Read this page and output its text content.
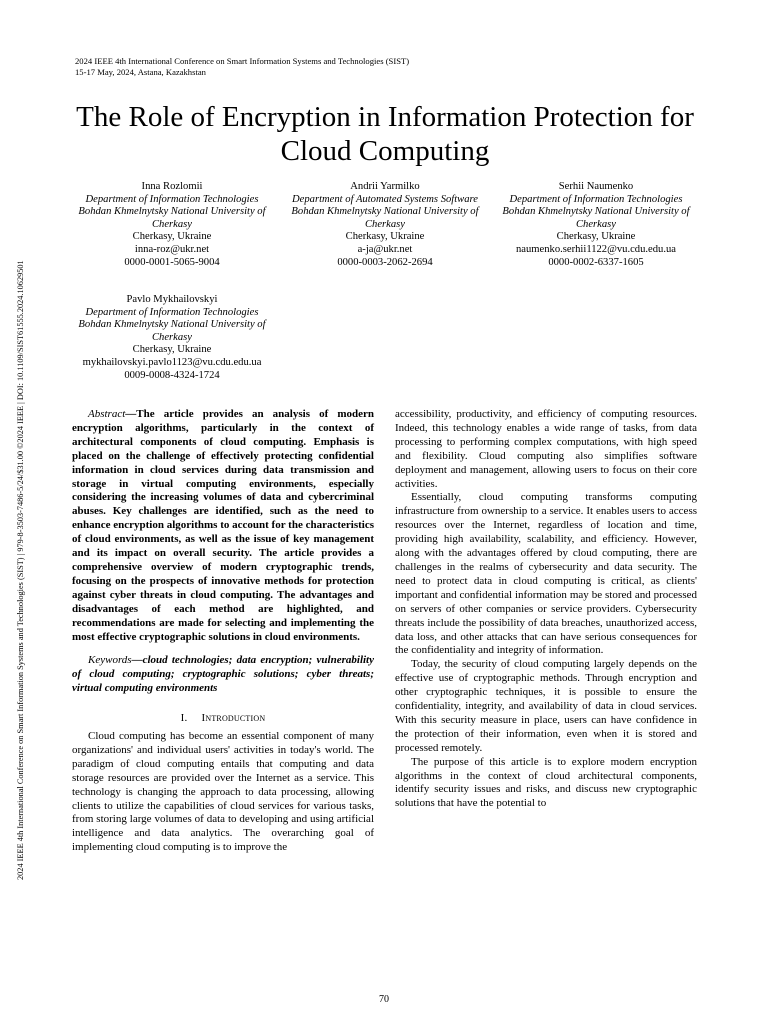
2024 IEEE 4th International Conference on Smart Information Systems and Technologies (SIST)
15-17 May, 2024, Astana, Kazakhstan
2024 IEEE 4th International Conference on Smart Information Systems and Technologies (SIST) | 979-8-3503-7486-5/24/$31.00 ©2024 IEEE | DOI: 10.1109/SIST61555.2024.10629501
The Role of Encryption in Information Protection for Cloud Computing
Inna Rozlomii
Department of Information Technologies
Bohdan Khmelnytsky National University of Cherkasy
Cherkasy, Ukraine
inna-roz@ukr.net
0000-0001-5065-9004
Andrii Yarmilko
Department of Automated Systems Software
Bohdan Khmelnytsky National University of Cherkasy
Cherkasy, Ukraine
a-ja@ukr.net
0000-0003-2062-2694
Serhii Naumenko
Department of Information Technologies
Bohdan Khmelnytsky National University of Cherkasy
Cherkasy, Ukraine
naumenko.serhii1122@vu.cdu.edu.ua
0000-0002-6337-1605
Pavlo Mykhailovskyi
Department of Information Technologies
Bohdan Khmelnytsky National University of Cherkasy
Cherkasy, Ukraine
mykhailovskyi.pavlo1123@vu.cdu.edu.ua
0009-0008-4324-1724

Abstract—The article provides an analysis of modern encryption algorithms, particularly in the context of architectural components of cloud computing. Emphasis is placed on the challenge of effectively protecting confidential information in cloud services during data transmission and storage in virtual computing environments, especially considering the increasing volumes of data and cybercriminal abuses. Key challenges are identified, such as the need to enhance encryption algorithms to account for the characteristics of cloud environments, as well as the issue of key management and its impact on overall security. The article provides a comprehensive overview of modern cryptographic trends, focusing on the prospects of innovative methods for protection against cyber threats in cloud computing. The advantages and disadvantages of each method are highlighted, and recommendations are made for selecting and implementing the most effective cryptographic solutions in cloud environments.

Keywords—cloud technologies; data encryption; vulnerability of cloud computing; cryptographic solutions; cyber threats; virtual computing environments

I. Introduction

Cloud computing has become an essential component of many organizations' and individual users' activities in today's world. The paradigm of cloud computing entails that computing and data storage resources are provided over the Internet as a service. This technology is changing the approach to data processing, allowing clients to utilize the capabilities of cloud services for various tasks, from storing large volumes of data to developing and using artificial intelligence and data analytics. The overarching goal of implementing cloud computing is to improve the

accessibility, productivity, and efficiency of computing resources. Indeed, this technology enables a wide range of tasks, from data processing to performing complex computations, with high speed and flexibility. Cloud computing also simplifies software deployment and management, allowing users to focus on their core activities.

Essentially, cloud computing transforms computing infrastructure from ownership to a service. It enables users to access resources over the Internet, regardless of location and time, providing high availability, scalability, and efficiency. However, along with the advantages offered by cloud computing, there are challenges in the realms of cybersecurity and data security. The need to protect data in cloud computing is critical, as clients' important and confidential information may be stored and processed on servers of other companies or service providers. Cybersecurity threats include the possibility of data breaches, unauthorized access, data loss, and other attacks that can have serious consequences for the confidentiality and integrity of information.

Today, the security of cloud computing largely depends on the effective use of cryptographic methods. Through encryption and other cryptographic techniques, it is possible to ensure the confidentiality, integrity, and availability of data in cloud services. With this security measure in place, users can have confidence in the protection of their information, even when it is stored and processed remotely.

The purpose of this article is to explore modern encryption algorithms in the context of cloud architectural components, identify security issues and risks, and discuss new cryptographic solutions that have the potential to

70
